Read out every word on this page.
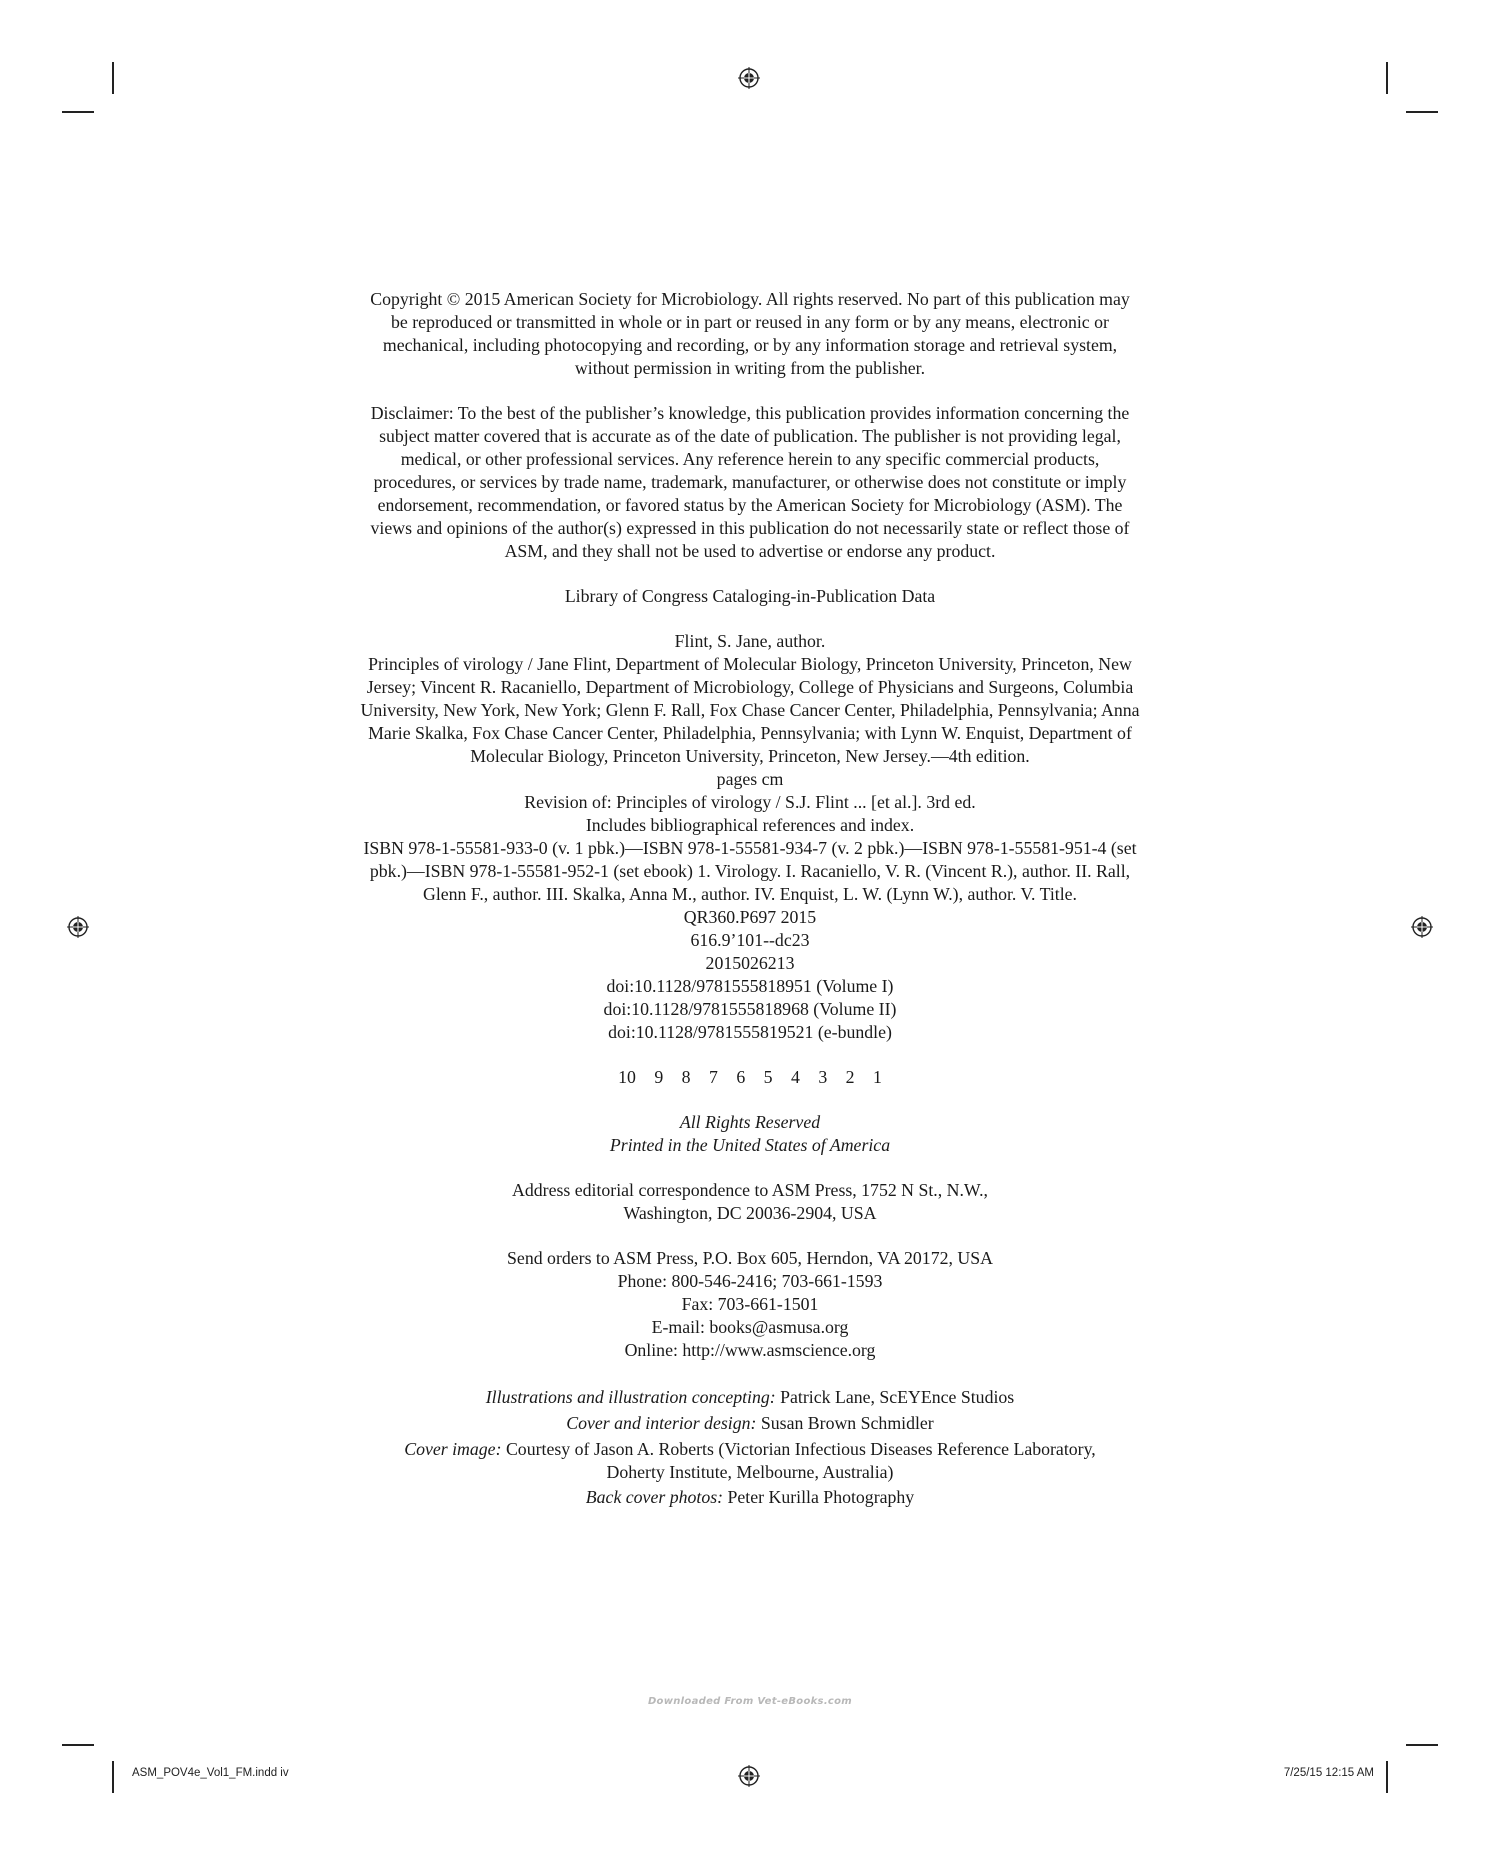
Copyright © 2015 American Society for Microbiology. All rights reserved. No part of this publication may be reproduced or transmitted in whole or in part or reused in any form or by any means, electronic or mechanical, including photocopying and recording, or by any information storage and retrieval system, without permission in writing from the publisher.

Disclaimer: To the best of the publisher’s knowledge, this publication provides information concerning the subject matter covered that is accurate as of the date of publication. The publisher is not providing legal, medical, or other professional services. Any reference herein to any specific commercial products, procedures, or services by trade name, trademark, manufacturer, or otherwise does not constitute or imply endorsement, recommendation, or favored status by the American Society for Microbiology (ASM). The views and opinions of the author(s) expressed in this publication do not necessarily state or reflect those of ASM, and they shall not be used to advertise or endorse any product.

Library of Congress Cataloging-in-Publication Data

Flint, S. Jane, author.
Principles of virology / Jane Flint, Department of Molecular Biology, Princeton University, Princeton, New Jersey; Vincent R. Racaniello, Department of Microbiology, College of Physicians and Surgeons, Columbia University, New York, New York; Glenn F. Rall, Fox Chase Cancer Center, Philadelphia, Pennsylvania; Anna Marie Skalka, Fox Chase Cancer Center, Philadelphia, Pennsylvania; with Lynn W. Enquist, Department of Molecular Biology, Princeton University, Princeton, New Jersey.—4th edition.
pages cm
Revision of: Principles of virology / S.J. Flint ... [et al.]. 3rd ed.
Includes bibliographical references and index.
ISBN 978-1-55581-933-0 (v. 1 pbk.)—ISBN 978-1-55581-934-7 (v. 2 pbk.)—ISBN 978-1-55581-951-4 (set pbk.)—ISBN 978-1-55581-952-1 (set ebook) 1. Virology. I. Racaniello, V. R. (Vincent R.), author. II. Rall, Glenn F., author. III. Skalka, Anna M., author. IV. Enquist, L. W. (Lynn W.), author. V. Title.
QR360.P697 2015
616.9’101--dc23
2015026213
doi:10.1128/9781555818951 (Volume I)
doi:10.1128/9781555818968 (Volume II)
doi:10.1128/9781555819521 (e-bundle)

10 9 8 7 6 5 4 3 2 1

All Rights Reserved
Printed in the United States of America
Address editorial correspondence to ASM Press, 1752 N St., N.W.,
Washington, DC 20036-2904, USA
Send orders to ASM Press, P.O. Box 605, Herndon, VA 20172, USA
Phone: 800-546-2416; 703-661-1593
Fax: 703-661-1501
E-mail: books@asmusa.org
Online: http://www.asmscience.org
Illustrations and illustration concepting: Patrick Lane, ScEYEnce Studios
Cover and interior design: Susan Brown Schmidler
Cover image: Courtesy of Jason A. Roberts (Victorian Infectious Diseases Reference Laboratory,
Doherty Institute, Melbourne, Australia)
Back cover photos: Peter Kurilla Photography
Downloaded From Vet-eBooks.com
ASM_POV4e_Vol1_FM.indd iv	7/25/15 12:15 AM
